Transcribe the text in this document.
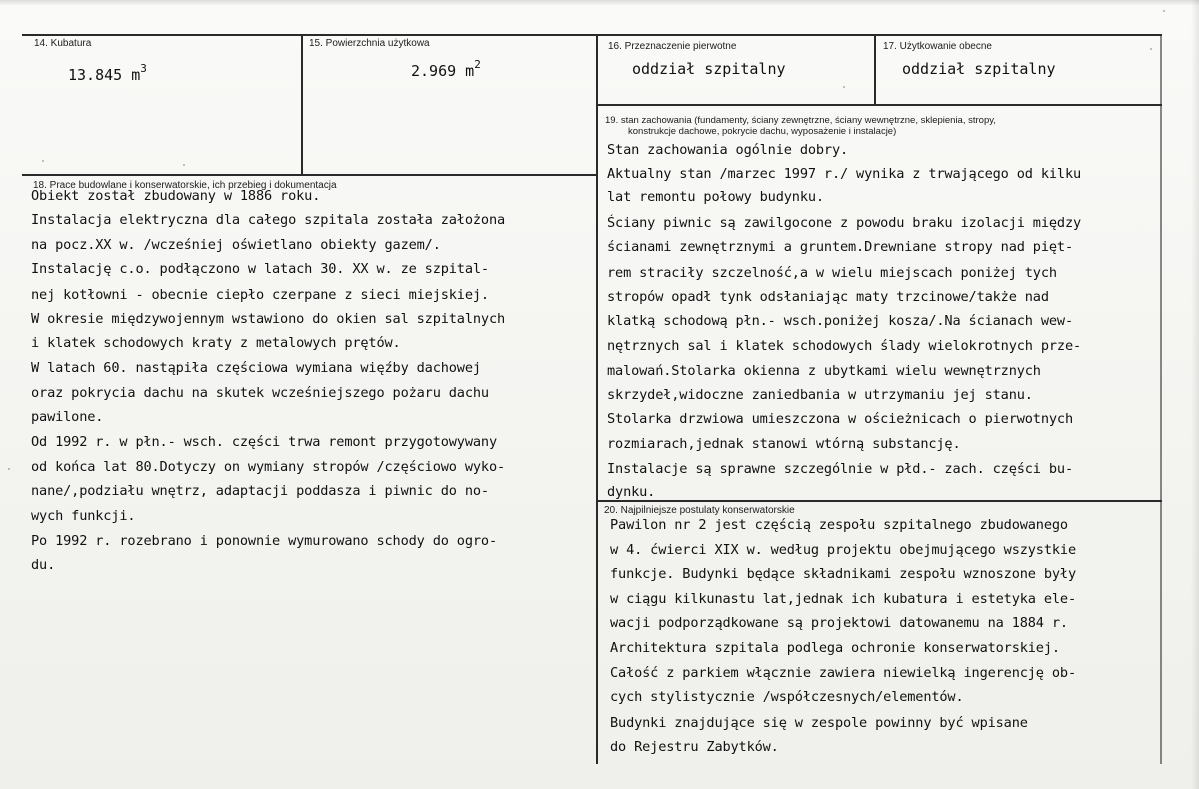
14. Kubatura
13.845 $m^3$
15. Powierzchnia użytkowa
2.969 $m^2$
16. Przeznaczenie pierwotne
oddział szpitalny
17. Użytkowanie obecne
oddział szpitalny
19. stan zachowania (fundamenty, ściany zewnętrzne, ściany wewnętrzne, sklepienia, stropy,
konstrukcje dachowe, pokrycie dachu, wyposażenie i instalacje)
Stan zachowania ogólnie dobry.
Aktualny stan /marzec 1997 r./ wynika z trwającego od kilku
lat remontu połowy budynku.
Ściany piwnic są zawilgocone z powodu braku izolacji między
ścianami zewnętrznymi a gruntem.Drewniane stropy nad pięt-
rem straciły szczelność,a w wielu miejscach poniżej tych
stropów opadł tynk odsłaniając maty trzcinowe/także nad
klatką schodową płn.- wsch.poniżej kosza/.Na ścianach wew-
nętrznych sal i klatek schodowych ślady wielokrotnych prze-
malowań.Stolarka okienna z ubytkami wielu wewnętrznych
skrzydeł,widoczne zaniedbania w utrzymaniu jej stanu.
Stolarka drzwiowa umieszczona w ościeżnicach o pierwotnych
rozmiarach,jednak stanowi wtórną substancję.
Instalacje są sprawne szczególnie w płd.- zach. części bu-
dynku.
18. Prace budowlane i konserwatorskie, ich przebieg i dokumentacja
Obiekt został zbudowany w 1886 roku.
Instalacja elektryczna dla całego szpitala została założona
na pocz.XX w. /wcześniej oświetlano obiekty gazem/.
Instalację c.o. podłączono w latach 30. XX w. ze szpital-
nej kotłowni - obecnie ciepło czerpane z sieci miejskiej.
W okresie międzywojennym wstawiono do okien sal szpitalnych
i klatek schodowych kraty z metalowych prętów.
W latach 60. nastąpiła częściowa wymiana więźby dachowej
oraz pokrycia dachu na skutek wcześniejszego pożaru dachu
pawilone.
Od 1992 r. w płn.- wsch. części trwa remont przygotowywany
od końca lat 80.Dotyczy on wymiany stropów /częściowo wyko-
nane/,podziału wnętrz, adaptacji poddasza i piwnic do no-
wych funkcji.
Po 1992 r. rozebrano i ponownie wymurowano schody do ogro-
du.
20. Najpilniejsze postulaty konserwatorskie
Pawilon nr 2 jest częścią zespołu szpitalnego zbudowanego
w 4. ćwierci XIX w. według projektu obejmującego wszystkie
funkcje. Budynki będące składnikami zespołu wznoszone były
w ciągu kilkunastu lat,jednak ich kubatura i estetyka ele-
wacji podporządkowane są projektowi datowanemu na 1884 r.
Architektura szpitala podlega ochronie konserwatorskiej.
Całość z parkiem włącznie zawiera niewielką ingerencję ob-
cych stylistycznie /współczesnych/elementów.
Budynki znajdujące się w zespole powinny być wpisane
do Rejestru Zabytków.
